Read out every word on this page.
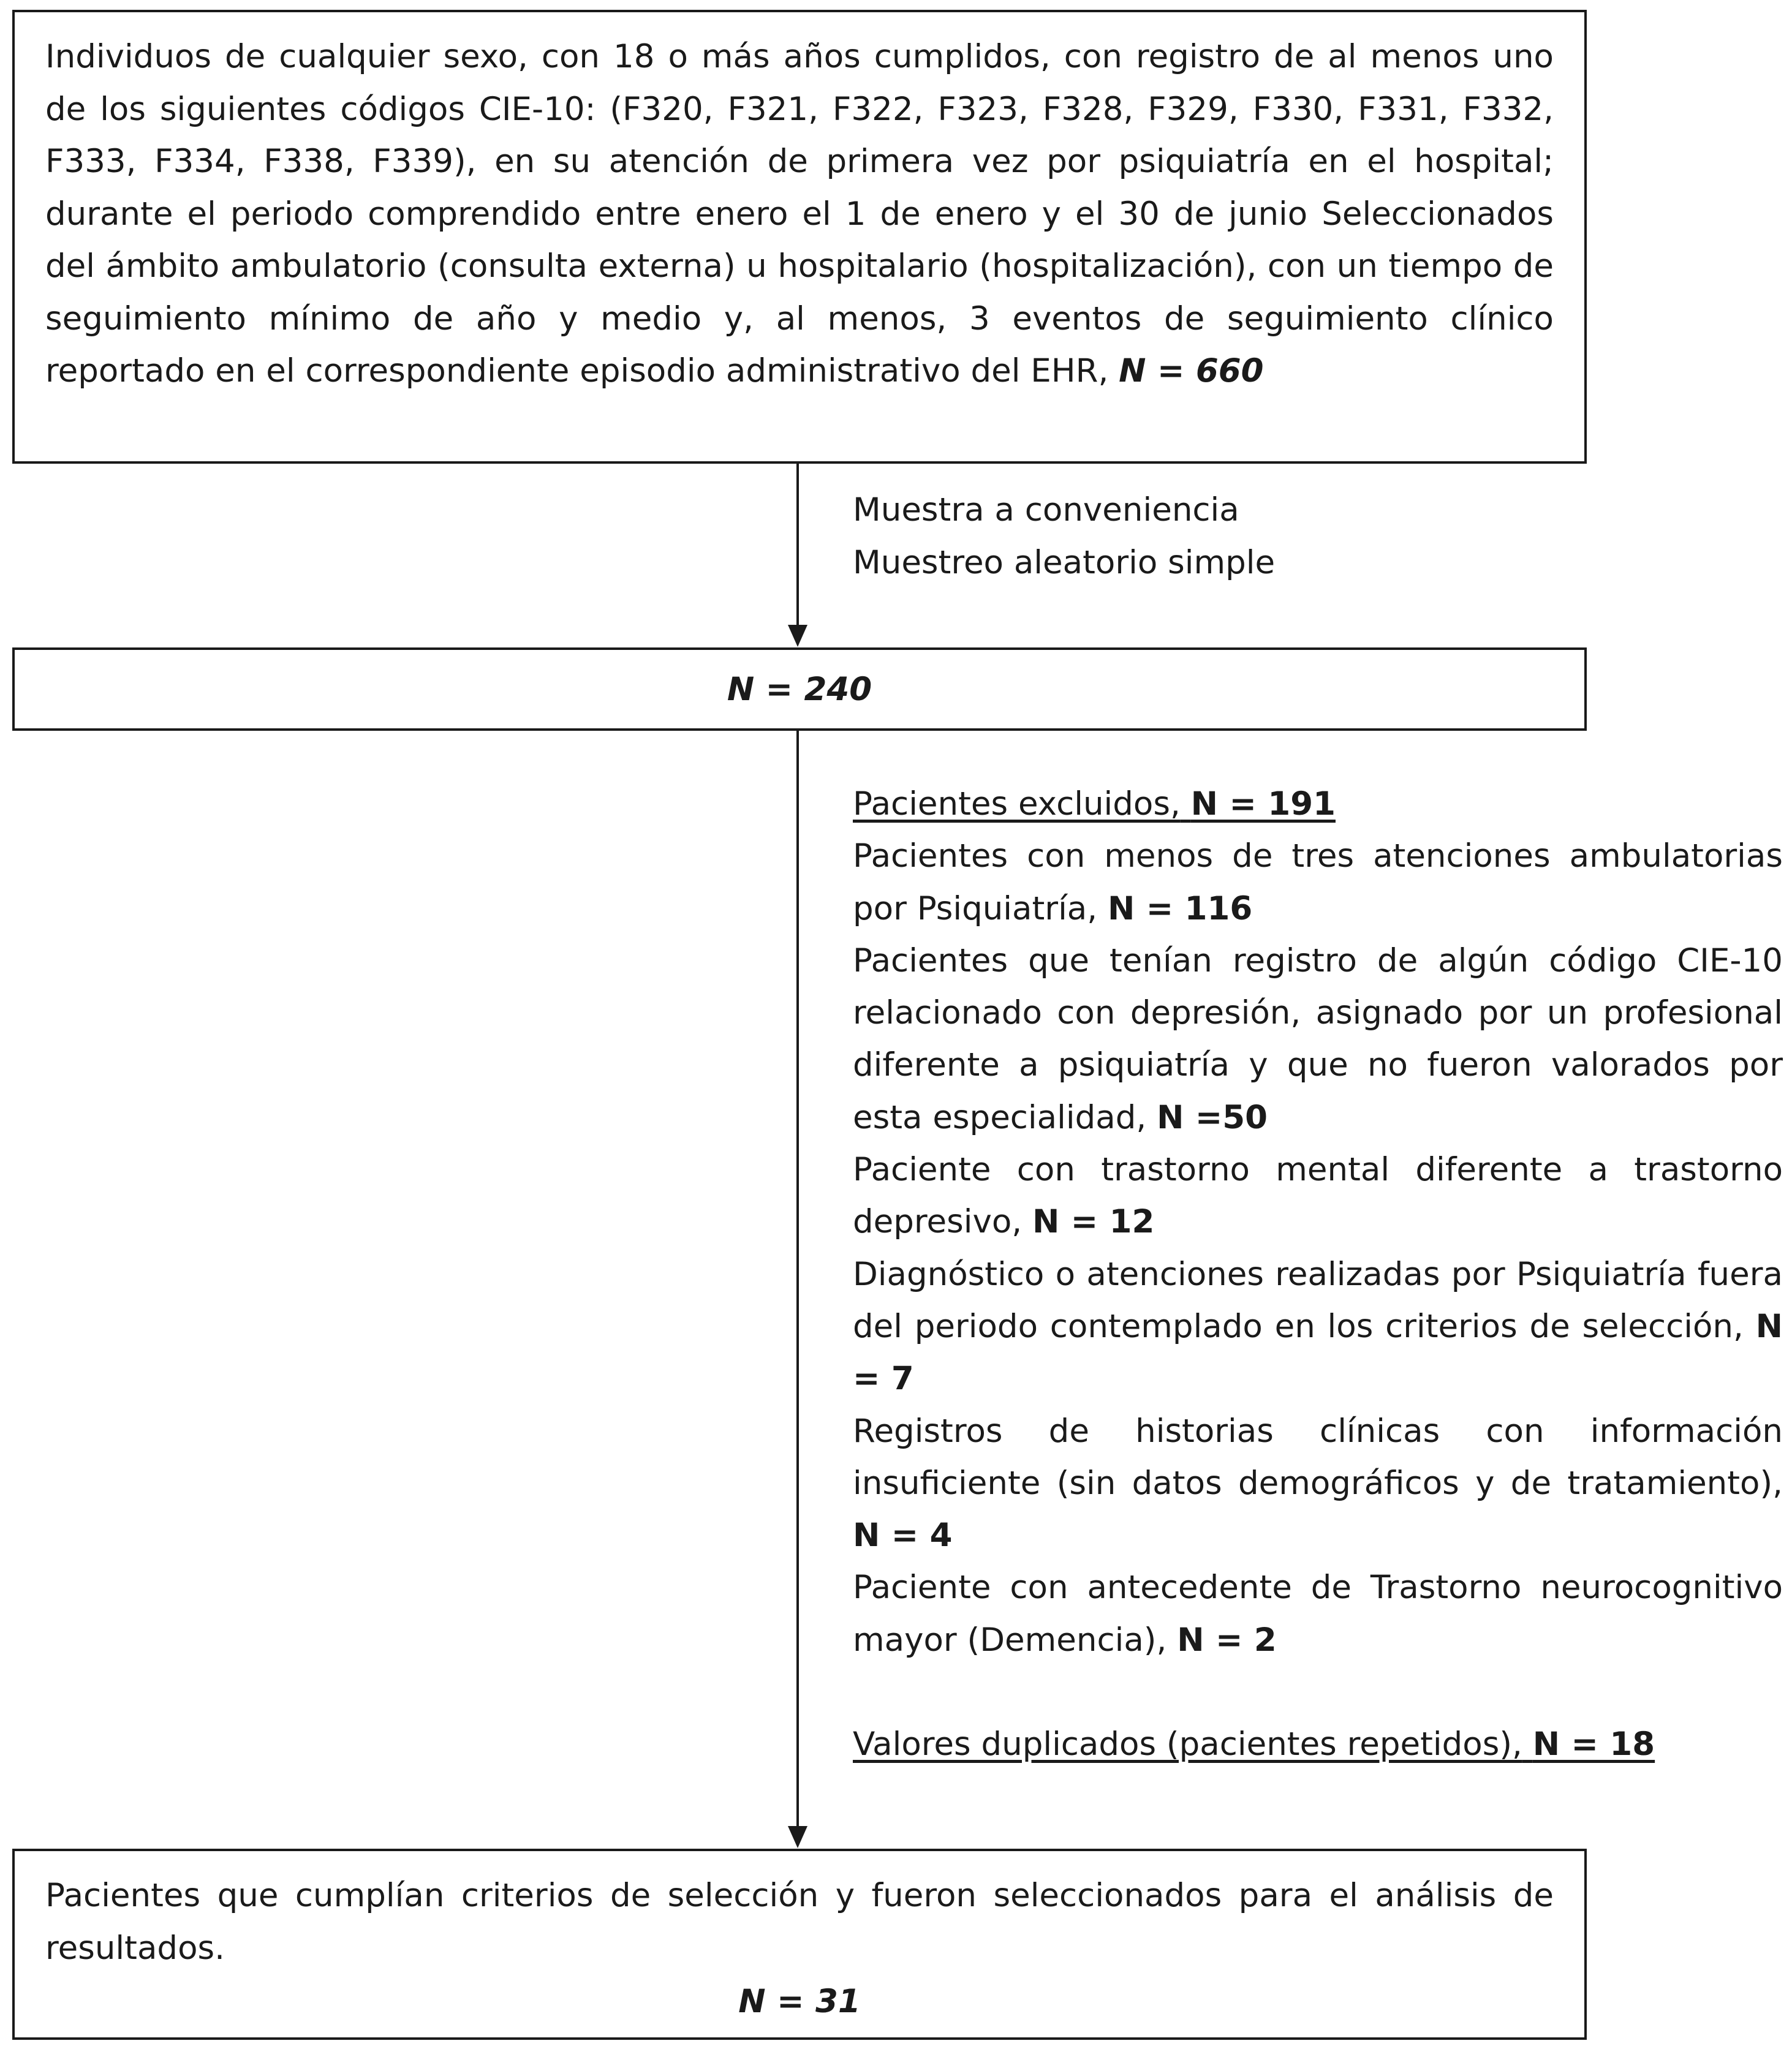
Individuos de cualquier sexo, con 18 o más años cumplidos, con registro de al menos uno de los siguientes códigos CIE-10: (F320, F321, F322, F323, F328, F329, F330, F331, F332, F333, F334, F338, F339), en su atención de primera vez por psiquiatría en el hospital; durante el periodo comprendido entre enero el 1 de enero y el 30 de junio Seleccionados del ámbito ambulatorio (consulta externa) u hospitalario (hospitalización), con un tiempo de seguimiento mínimo de año y medio y, al menos, 3 eventos de seguimiento clínico reportado en el correspondiente episodio administrativo del EHR, N = 660
Muestra a conveniencia
Muestreo aleatorio simple
N = 240
Pacientes excluidos, N = 191
Pacientes con menos de tres atenciones ambulatorias por Psiquiatría, N = 116
Pacientes que tenían registro de algún código CIE-10 relacionado con depresión, asignado por un profesional diferente a psiquiatría y que no fueron valorados por esta especialidad, N =50
Paciente con trastorno mental diferente a trastorno depresivo, N = 12
Diagnóstico o atenciones realizadas por Psiquiatría fuera del periodo contemplado en los criterios de selección, N = 7
Registros de historias clínicas con información insuficiente (sin datos demográficos y de tratamiento), N = 4
Paciente con antecedente de Trastorno neurocognitivo mayor (Demencia), N = 2
Valores duplicados (pacientes repetidos), N = 18
Pacientes que cumplían criterios de selección y fueron seleccionados para el análisis de resultados.
N = 31
